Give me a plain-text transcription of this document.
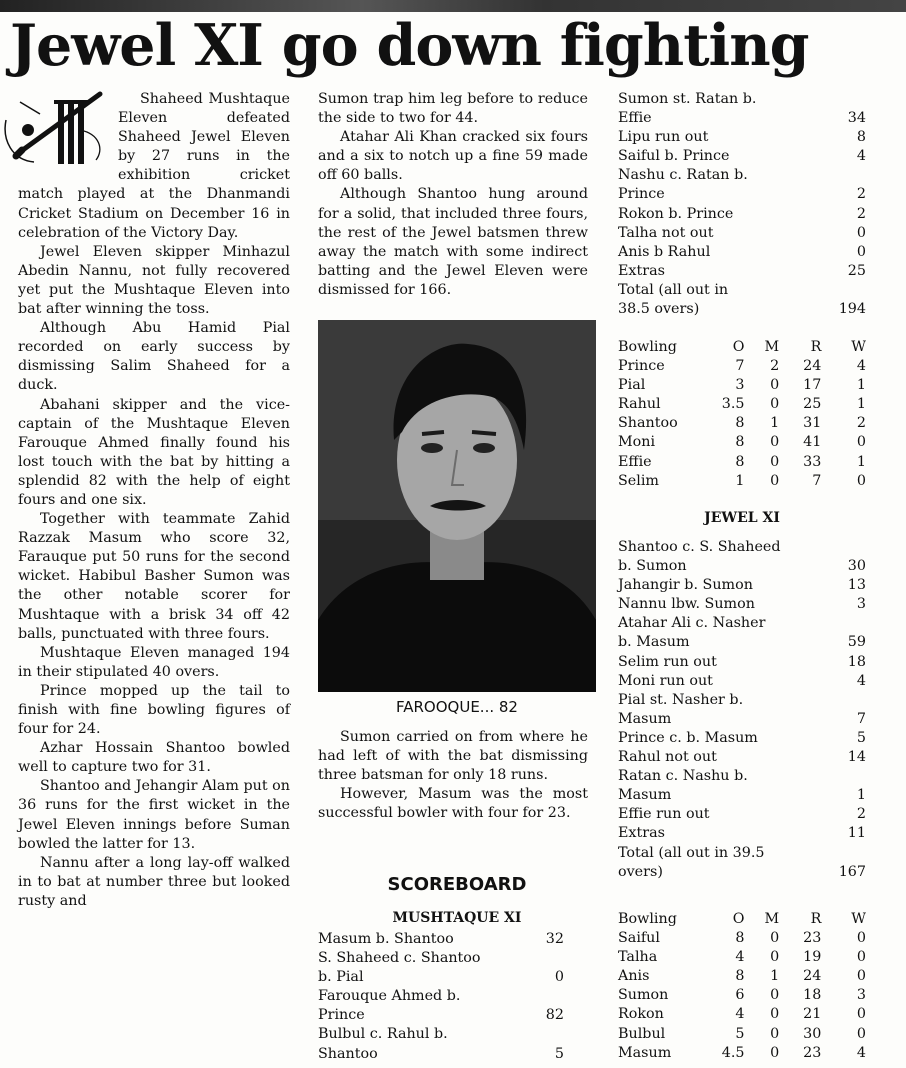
Jewel XI go down fighting

Shaheed Mushtaque Eleven defeated Shaheed Jewel Eleven by 27 runs in the exhibition cricket match played at the Dhanmandi Cricket Stadium on December 16 in celebration of the Victory Day.

Jewel Eleven skipper Minhazul Abedin Nannu, not fully recovered yet put the Mushtaque Eleven into bat after winning the toss.

Although Abu Hamid Pial recorded on early success by dismissing Salim Shaheed for a duck.

Abahani skipper and the vice-captain of the Mushtaque Eleven Farouque Ahmed finally found his lost touch with the bat by hitting a splendid 82 with the help of eight fours and one six.

Together with teammate Zahid Razzak Masum who score 32, Farauque put 50 runs for the second wicket. Habibul Basher Sumon was the other notable scorer for Mushtaque with a brisk 34 off 42 balls, punctuated with three fours.

Mushtaque Eleven managed 194 in their stipulated 40 overs.

Prince mopped up the tail to finish with fine bowling figures of four for 24.

Azhar Hossain Shantoo bowled well to capture two for 31.

Shantoo and Jehangir Alam put on 36 runs for the first wicket in the Jewel Eleven innings before Suman bowled the latter for 13.

Nannu after a long lay-off walked in to bat at number three but looked rusty and

Sumon trap him leg before to reduce the side to two for 44.

Atahar Ali Khan cracked six fours and a six to notch up a fine 59 made off 60 balls.

Although Shantoo hung around for a solid, that included three fours, the rest of the Jewel batsmen threw away the match with some indirect batting and the Jewel Eleven were dismissed for 166.

FAROOQUE... 82

Sumon carried on from where he had left of with the bat dismissing three batsman for only 18 runs.

However, Masum was the most successful bowler with four for 23.

SCOREBOARD
MUSHTAQUE XI
Masum b. Shantoo	32
S. Shaheed c. Shantoo
b. Pial	0
Farouque Ahmed b.
Prince	82
Bulbul c. Rahul b.
Shantoo	5
Sumon st. Ratan b.
Effie	34
Lipu run out	8
Saiful b. Prince	4
Nashu c. Ratan b.
Prince	2
Rokon b. Prince	2
Talha not out	0
Anis b Rahul	0
Extras	25
Total (all out in
38.5 overs)	194
Bowling	O	M	R	W
Prince	7	2	24	4
Pial	3	0	17	1
Rahul	3.5	0	25	1
Shantoo	8	1	31	2
Moni	8	0	41	0
Effie	8	0	33	1
Selim	1	0	7	0
JEWEL XI
Shantoo c. S. Shaheed
b. Sumon	30
Jahangir b. Sumon	13
Nannu lbw. Sumon	3
Atahar Ali c. Nasher
b. Masum	59
Selim run out	18
Moni run out	4
Pial st. Nasher b.
Masum	7
Prince c. b. Masum	5
Rahul not out	14
Ratan c. Nashu b.
Masum	1
Effie run out	2
Extras	11
Total (all out in 39.5
overs)	167
Bowling	O	M	R	W
Saiful	8	0	23	0
Talha	4	0	19	0
Anis	8	1	24	0
Sumon	6	0	18	3
Rokon	4	0	21	0
Bulbul	5	0	30	0
Masum	4.5	0	23	4
